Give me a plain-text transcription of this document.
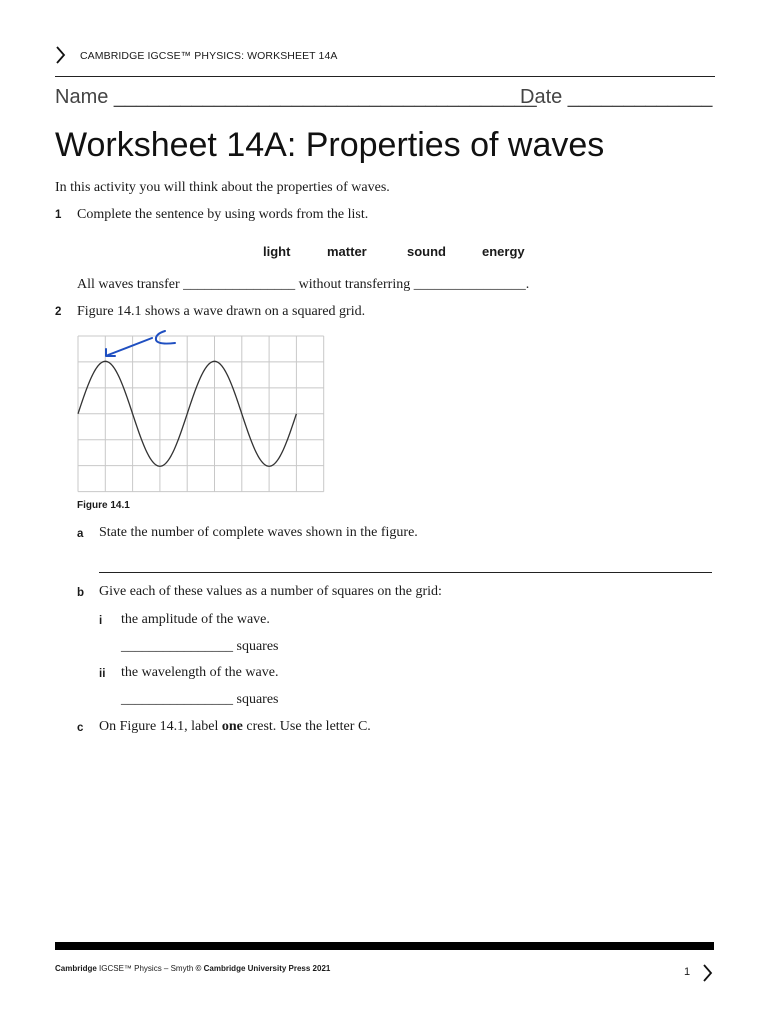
CAMBRIDGE IGCSE™ PHYSICS: WORKSHEET 14A
Name ______________________________________
Date _____________
Worksheet 14A: Properties of waves
In this activity you will think about the properties of waves.
1 Complete the sentence by using words from the list.
light	matter	sound	energy
All waves transfer ________________ without transferring ________________.
2 Figure 14.1 shows a wave drawn on a squared grid.
Figure 14.1
a State the number of complete waves shown in the figure.
b Give each of these values as a number of squares on the grid:
i the amplitude of the wave.
________________ squares
ii the wavelength of the wave.
________________ squares
c On Figure 14.1, label one crest. Use the letter C.
Cambridge IGCSE™ Physics – Smyth © Cambridge University Press 2021	1
